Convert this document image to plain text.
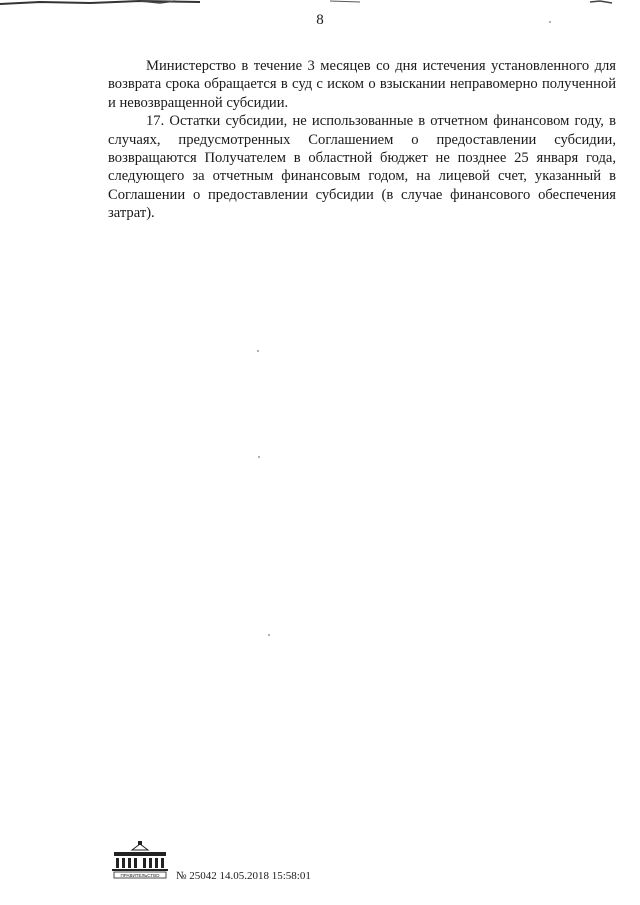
8

Министерство в течение 3 месяцев со дня истечения установленного для возврата срока обращается в суд с иском о взыскании неправомерно полученной и невозвращенной субсидии.

17. Остатки субсидии, не использованные в отчетном финансовом году, в случаях, предусмотренных Соглашением о предоставлении субсидии, возвращаются Получателем в областной бюджет не позднее 25 января года, следующего за отчетным финансовым годом, на лицевой счет, указанный в Соглашении о предоставлении субсидии (в случае финансового обеспечения затрат).

ПРАВИТЕЛЬСТВО № 25042 14.05.2018 15:58:01
